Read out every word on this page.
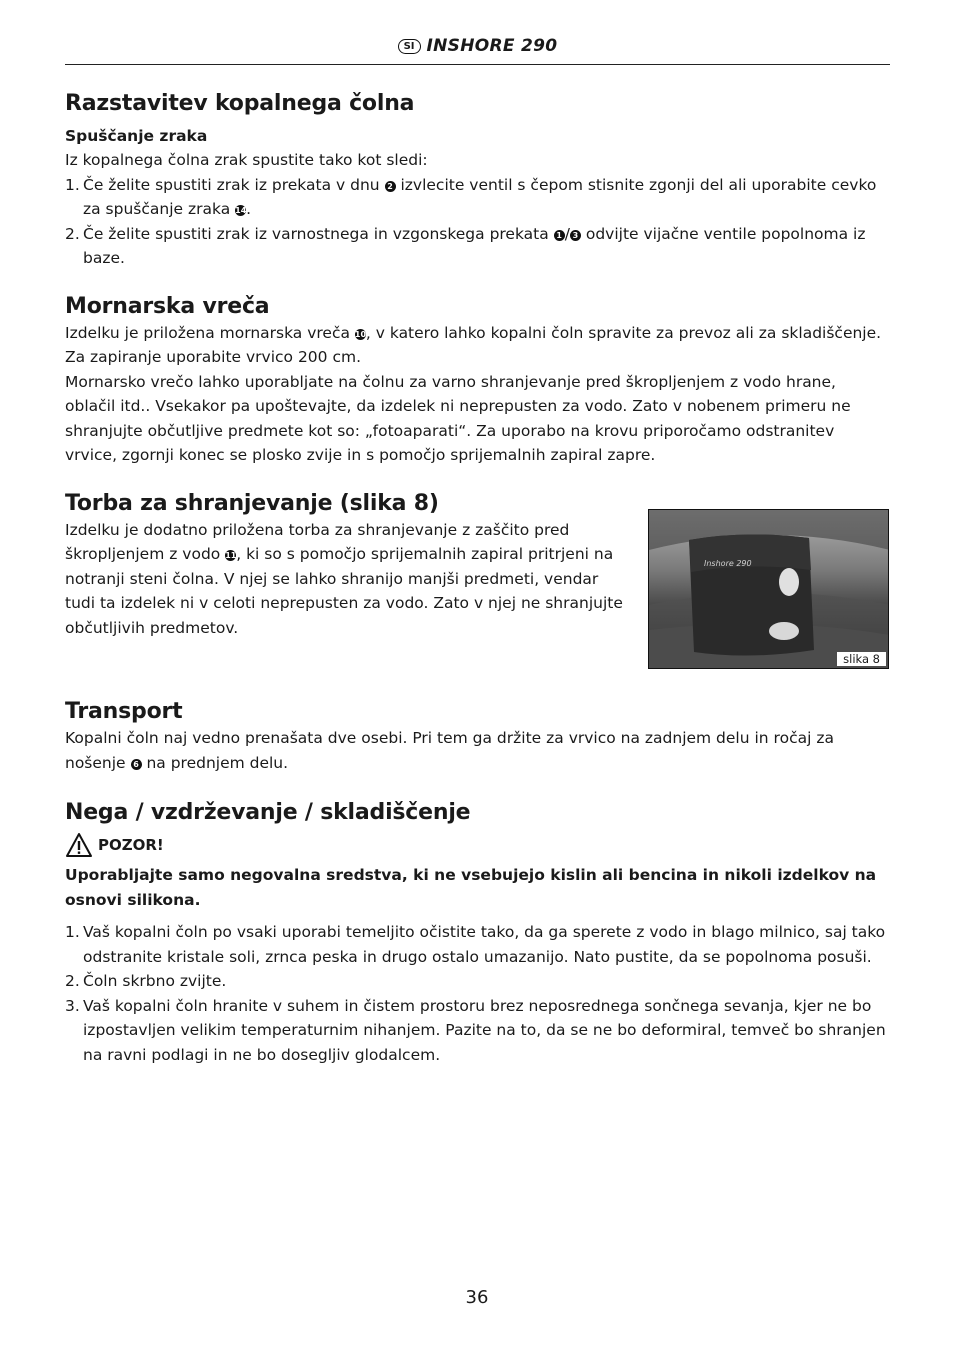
SI INSHORE 290
Razstavitev kopalnega čolna
Spuščanje zraka

Iz kopalnega čolna zrak spustite tako kot sledi:

1. Če želite spustiti zrak iz prekata v dnu 2 izvlecite ventil s čepom stisnite zgonji del ali uporabite cevko za spuščanje zraka 14.
2. Če želite spustiti zrak iz varnostnega in vzgonskega prekata 1 / 3 odvijte vijačne ventile popolnoma iz baze.
Mornarska vreča

Izdelku je priložena mornarska vreča 10, v katero lahko kopalni čoln spravite za prevoz ali za skladiščenje. Za zapiranje uporabite vrvico 200 cm.

Mornarsko vrečo lahko uporabljate na čolnu za varno shranjevanje pred škropljenjem z vodo hrane, oblačil itd.. Vsekakor pa upoštevajte, da izdelek ni neprepusten za vodo. Zato v nobenem primeru ne shranjujte občutljive predmete kot so: „fotoaparati“. Za uporabo na krovu priporočamo odstranitev vrvice, zgornji konec se plosko zvije in s pomočjo sprijemalnih zapiral zapre.

Torba za shranjevanje (slika 8)

Izdelku je dodatno priložena torba za shranjevanje z zaščito pred škropljenjem z vodo 11, ki so s pomočjo sprijemalnih zapiral pritrjeni na notranji steni čolna. V njej se lahko shranijo manjši predmeti, vendar tudi ta izdelek ni v celoti neprepusten za vodo. Zato v njej ne shranjujte občutljivih predmetov.

Inshore 290
slika 8
Transport

Kopalni čoln naj vedno prenašata dve osebi. Pri tem ga držite za vrvico na zadnjem delu in ročaj za nošenje 6 na prednjem delu.

Nega / vzdrževanje / skladiščenje
POZOR!
Uporabljajte samo negovalna sredstva, ki ne vsebujejo kislin ali bencina in nikoli izdelkov na osnovi silikona.
1. Vaš kopalni čoln po vsaki uporabi temeljito očistite tako, da ga sperete z vodo in blago milnico, saj tako odstranite kristale soli, zrnca peska in drugo ostalo umazanijo. Nato pustite, da se popolnoma posuši.
2. Čoln skrbno zvijte.
3. Vaš kopalni čoln hranite v suhem in čistem prostoru brez neposrednega sončnega sevanja, kjer ne bo izpostavljen velikim temperaturnim nihanjem. Pazite na to, da se ne bo deformiral, temveč bo shranjen na ravni podlagi in ne bo dosegljiv glodalcem.
36
